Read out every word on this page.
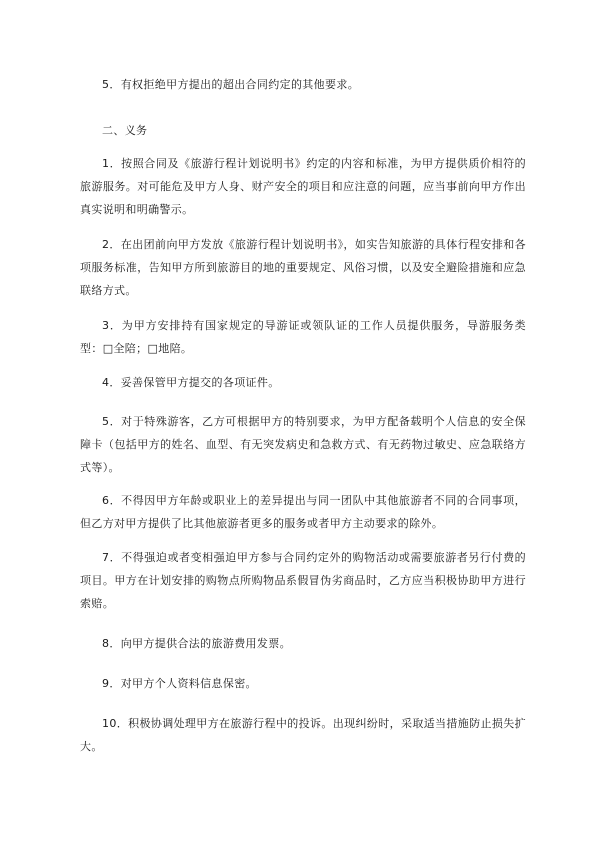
5．有权拒绝甲方提出的超出合同约定的其他要求。

二、义务

1．按照合同及《旅游行程计划说明书》约定的内容和标准，为甲方提供质价相符的旅游服务。对可能危及甲方人身、财产安全的项目和应注意的问题，应当事前向甲方作出真实说明和明确警示。

2．在出团前向甲方发放《旅游行程计划说明书》，如实告知旅游的具体行程安排和各项服务标准，告知甲方所到旅游目的地的重要规定、风俗习惯，以及安全避险措施和应急联络方式。

3．为甲方安排持有国家规定的导游证或领队证的工作人员提供服务，导游服务类型：□全陪；□地陪。

4．妥善保管甲方提交的各项证件。

5．对于特殊游客，乙方可根据甲方的特别要求，为甲方配备载明个人信息的安全保障卡（包括甲方的姓名、血型、有无突发病史和急救方式、有无药物过敏史、应急联络方式等）。

6．不得因甲方年龄或职业上的差异提出与同一团队中其他旅游者不同的合同事项，但乙方对甲方提供了比其他旅游者更多的服务或者甲方主动要求的除外。

7．不得强迫或者变相强迫甲方参与合同约定外的购物活动或需要旅游者另行付费的项目。甲方在计划安排的购物点所购物品系假冒伪劣商品时，乙方应当积极协助甲方进行索赔。

8．向甲方提供合法的旅游费用发票。

9．对甲方个人资料信息保密。

10．积极协调处理甲方在旅游行程中的投诉。出现纠纷时，采取适当措施防止损失扩大。
